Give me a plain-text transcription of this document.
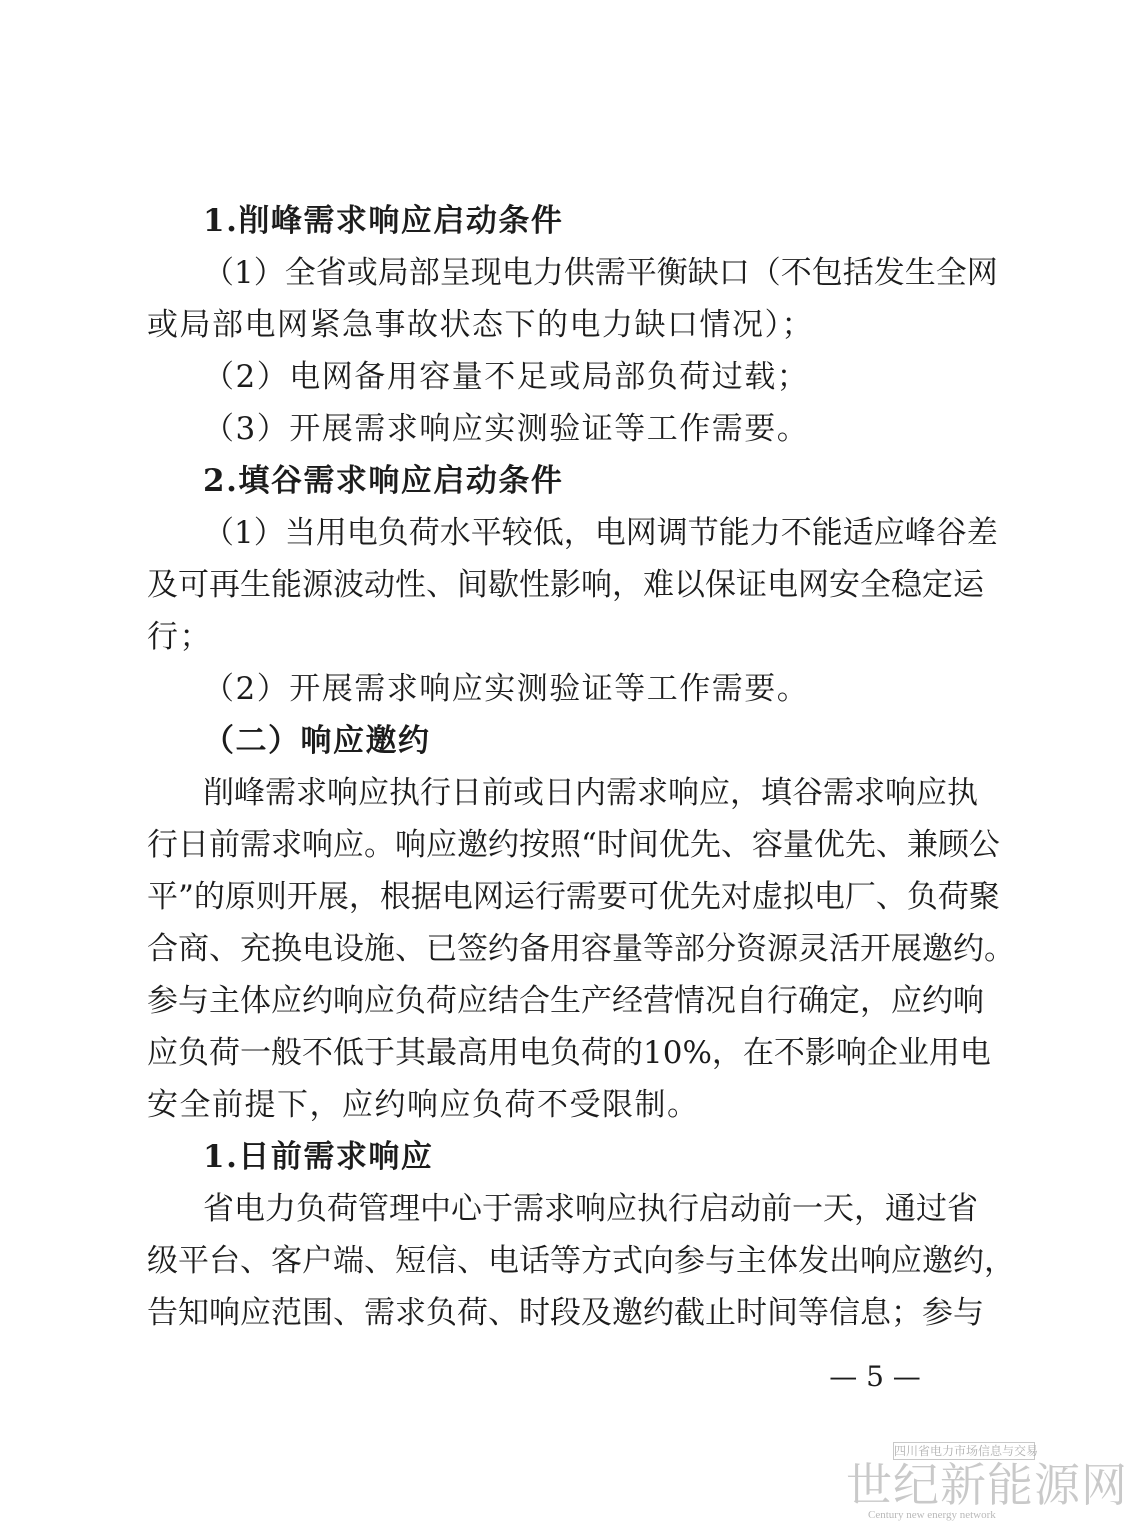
1.削峰需求响应启动条件
（1）全省或局部呈现电力供需平衡缺口（不包括发生全网
或局部电网紧急事故状态下的电力缺口情况）；
（2）电网备用容量不足或局部负荷过载；
（3）开展需求响应实测验证等工作需要。
2.填谷需求响应启动条件
（1）当用电负荷水平较低，电网调节能力不能适应峰谷差
及可再生能源波动性、间歇性影响，难以保证电网安全稳定运
行；
（2）开展需求响应实测验证等工作需要。
（二）响应邀约
削峰需求响应执行日前或日内需求响应，填谷需求响应执
行日前需求响应。响应邀约按照“时间优先、容量优先、兼顾公
平”的原则开展，根据电网运行需要可优先对虚拟电厂、负荷聚
合商、充换电设施、已签约备用容量等部分资源灵活开展邀约。
参与主体应约响应负荷应结合生产经营情况自行确定，应约响
应负荷一般不低于其最高用电负荷的10%，在不影响企业用电
安全前提下，应约响应负荷不受限制。
1.日前需求响应
省电力负荷管理中心于需求响应执行启动前一天，通过省
级平台、客户端、短信、电话等方式向参与主体发出响应邀约，
告知响应范围、需求负荷、时段及邀约截止时间等信息；参与
— 5 —
四川省电力市场信息与交易
世纪新能源网
Century new energy network
